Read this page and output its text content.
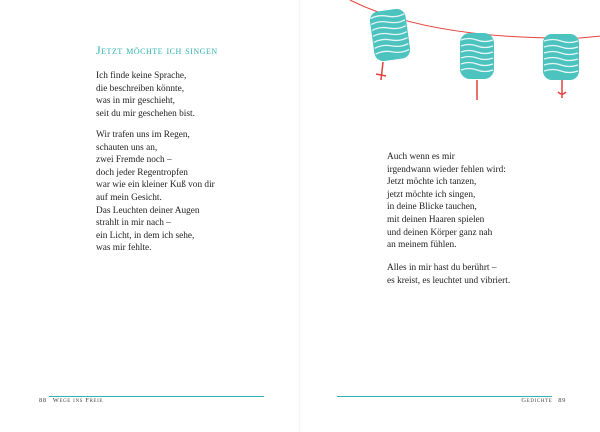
Jetzt möchte ich singen
Ich finde keine Sprache,
die beschreiben könnte,
was in mir geschieht,
seit du mir geschehen bist.
Wir trafen uns im Regen,
schauten uns an,
zwei Fremde noch –
doch jeder Regentropfen
war wie ein kleiner Kuß von dir
auf mein Gesicht.
Das Leuchten deiner Augen
strahlt in mir nach –
ein Licht, in dem ich sehe,
was mir fehlte.
Auch wenn es mir
irgendwann wieder fehlen wird:
Jetzt möchte ich tanzen,
jetzt möchte ich singen,
in deine Blicke tauchen,
mit deinen Haaren spielen
und deinen Körper ganz nah
an meinem fühlen.
Alles in mir hast du berührt –
es kreist, es leuchtet und vibriert.
88 Wege ins Freie	Gedichte 89
